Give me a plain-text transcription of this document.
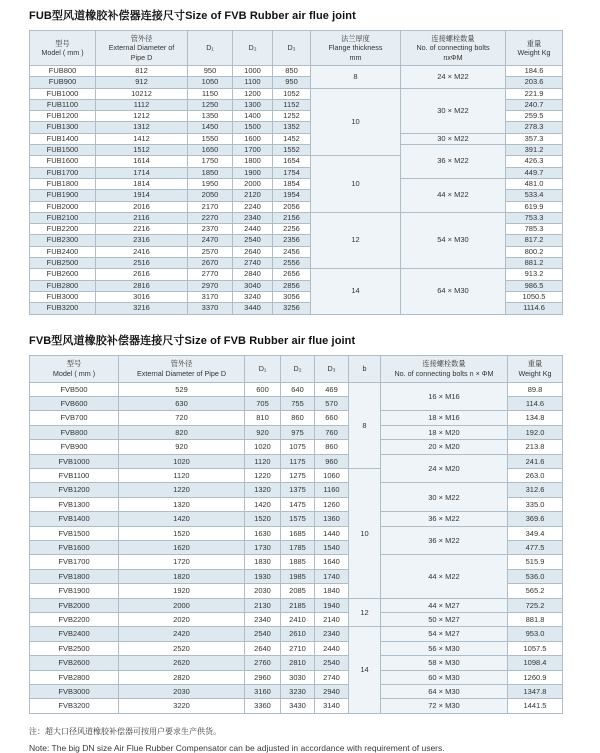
FUB型风道橡胶补偿器连接尺寸Size of FVB Rubber air flue joint
型号
Model ( mm )

管外径
External Diameter of
Pipe D

D₁	D₂	D₃

法兰厚度
Flange thickness
mm

连接螺栓数量
No. of connecting bolts
nxΦM

重量
Weight Kg

FUB800	812	950	1000	850	8	24 × M22	184.6
FUB900	912	1050	1100	950			203.6
FUB1000	10212	1150	1200	1052	10	30 × M22	221.9
FUB1100	1112	1250	1300	1152			240.7
FUB1200	1212	1350	1400	1252			259.5
FUB1300	1312	1450	1500	1352			278.3
FUB1400	1412	1550	1600	1452		30 × M22	357.3
FUB1500	1512	1650	1700	1552		36 × M22	391.2
FUB1600	1614	1750	1800	1654	10		426.3
FUB1700	1714	1850	1900	1754			449.7
FUB1800	1814	1950	2000	1854		44 × M22	481.0
FUB1900	1914	2050	2120	1954			533.4
FUB2000	2016	2170	2240	2056			619.9
FUB2100	2116	2270	2340	2156	12	54 × M30	753.3
FUB2200	2216	2370	2440	2256			785.3
FUB2300	2316	2470	2540	2356			817.2
FUB2400	2416	2570	2640	2456			800.2
FUB2500	2516	2670	2740	2556			881.2
FUB2600	2616	2770	2840	2656	14	64 × M30	913.2
FUB2800	2816	2970	3040	2856			986.5
FUB3000	3016	3170	3240	3056			1050.5
FUB3200	3216	3370	3440	3256			1114.6
FVB型风道橡胶补偿器连接尺寸Size of FVB Rubber air flue joint
型号
Model ( mm )

管外径
External Diameter of Pipe D

D₁	D₂	D₃	b

连接螺栓数量
No. of connecting bolts n × ΦM

重量
Weight Kg

FVB500	529	600	640	469	8	16 × M16	89.8
FVB600	630	705	755	570			114.6
FVB700	720	810	860	660		18 × M16	134.8
FVB800	820	920	975	760		18 × M20	192.0
FVB900	920	1020	1075	860		20 × M20	213.8
FVB1000	1020	1120	1175	960		24 × M20	241.6
FVB1100	1120	1220	1275	1060	10		263.0
FVB1200	1220	1320	1375	1160		30 × M22	312.6
FVB1300	1320	1420	1475	1260			335.0
FVB1400	1420	1520	1575	1360		36 × M22	369.6
FVB1500	1520	1630	1685	1440		36 × M22	349.4
FVB1600	1620	1730	1785	1540			477.5
FVB1700	1720	1830	1885	1640		44 × M22	515.9
FVB1800	1820	1930	1985	1740			536.0
FVB1900	1920	2030	2085	1840			565.2
FVB2000	2000	2130	2185	1940	12	44 × M27	725.2
FVB2200	2020	2340	2410	2140		50 × M27	881.8
FVB2400	2420	2540	2610	2340	14	54 × M27	953.0
FVB2500	2520	2640	2710	2440		56 × M30	1057.5
FVB2600	2620	2760	2810	2540		58 × M30	1098.4
FVB2800	2820	2960	3030	2740		60 × M30	1260.9
FVB3000	2030	3160	3230	2940		64 × M30	1347.8
FVB3200	3220	3360	3430	3140		72 × M30	1441.5

注：超大口径风道橡胶补偿器可按用户要求生产供货。

Note: The big DN size Air Flue Rubber Compensator can be adjusted in accordance with requirement of users.
